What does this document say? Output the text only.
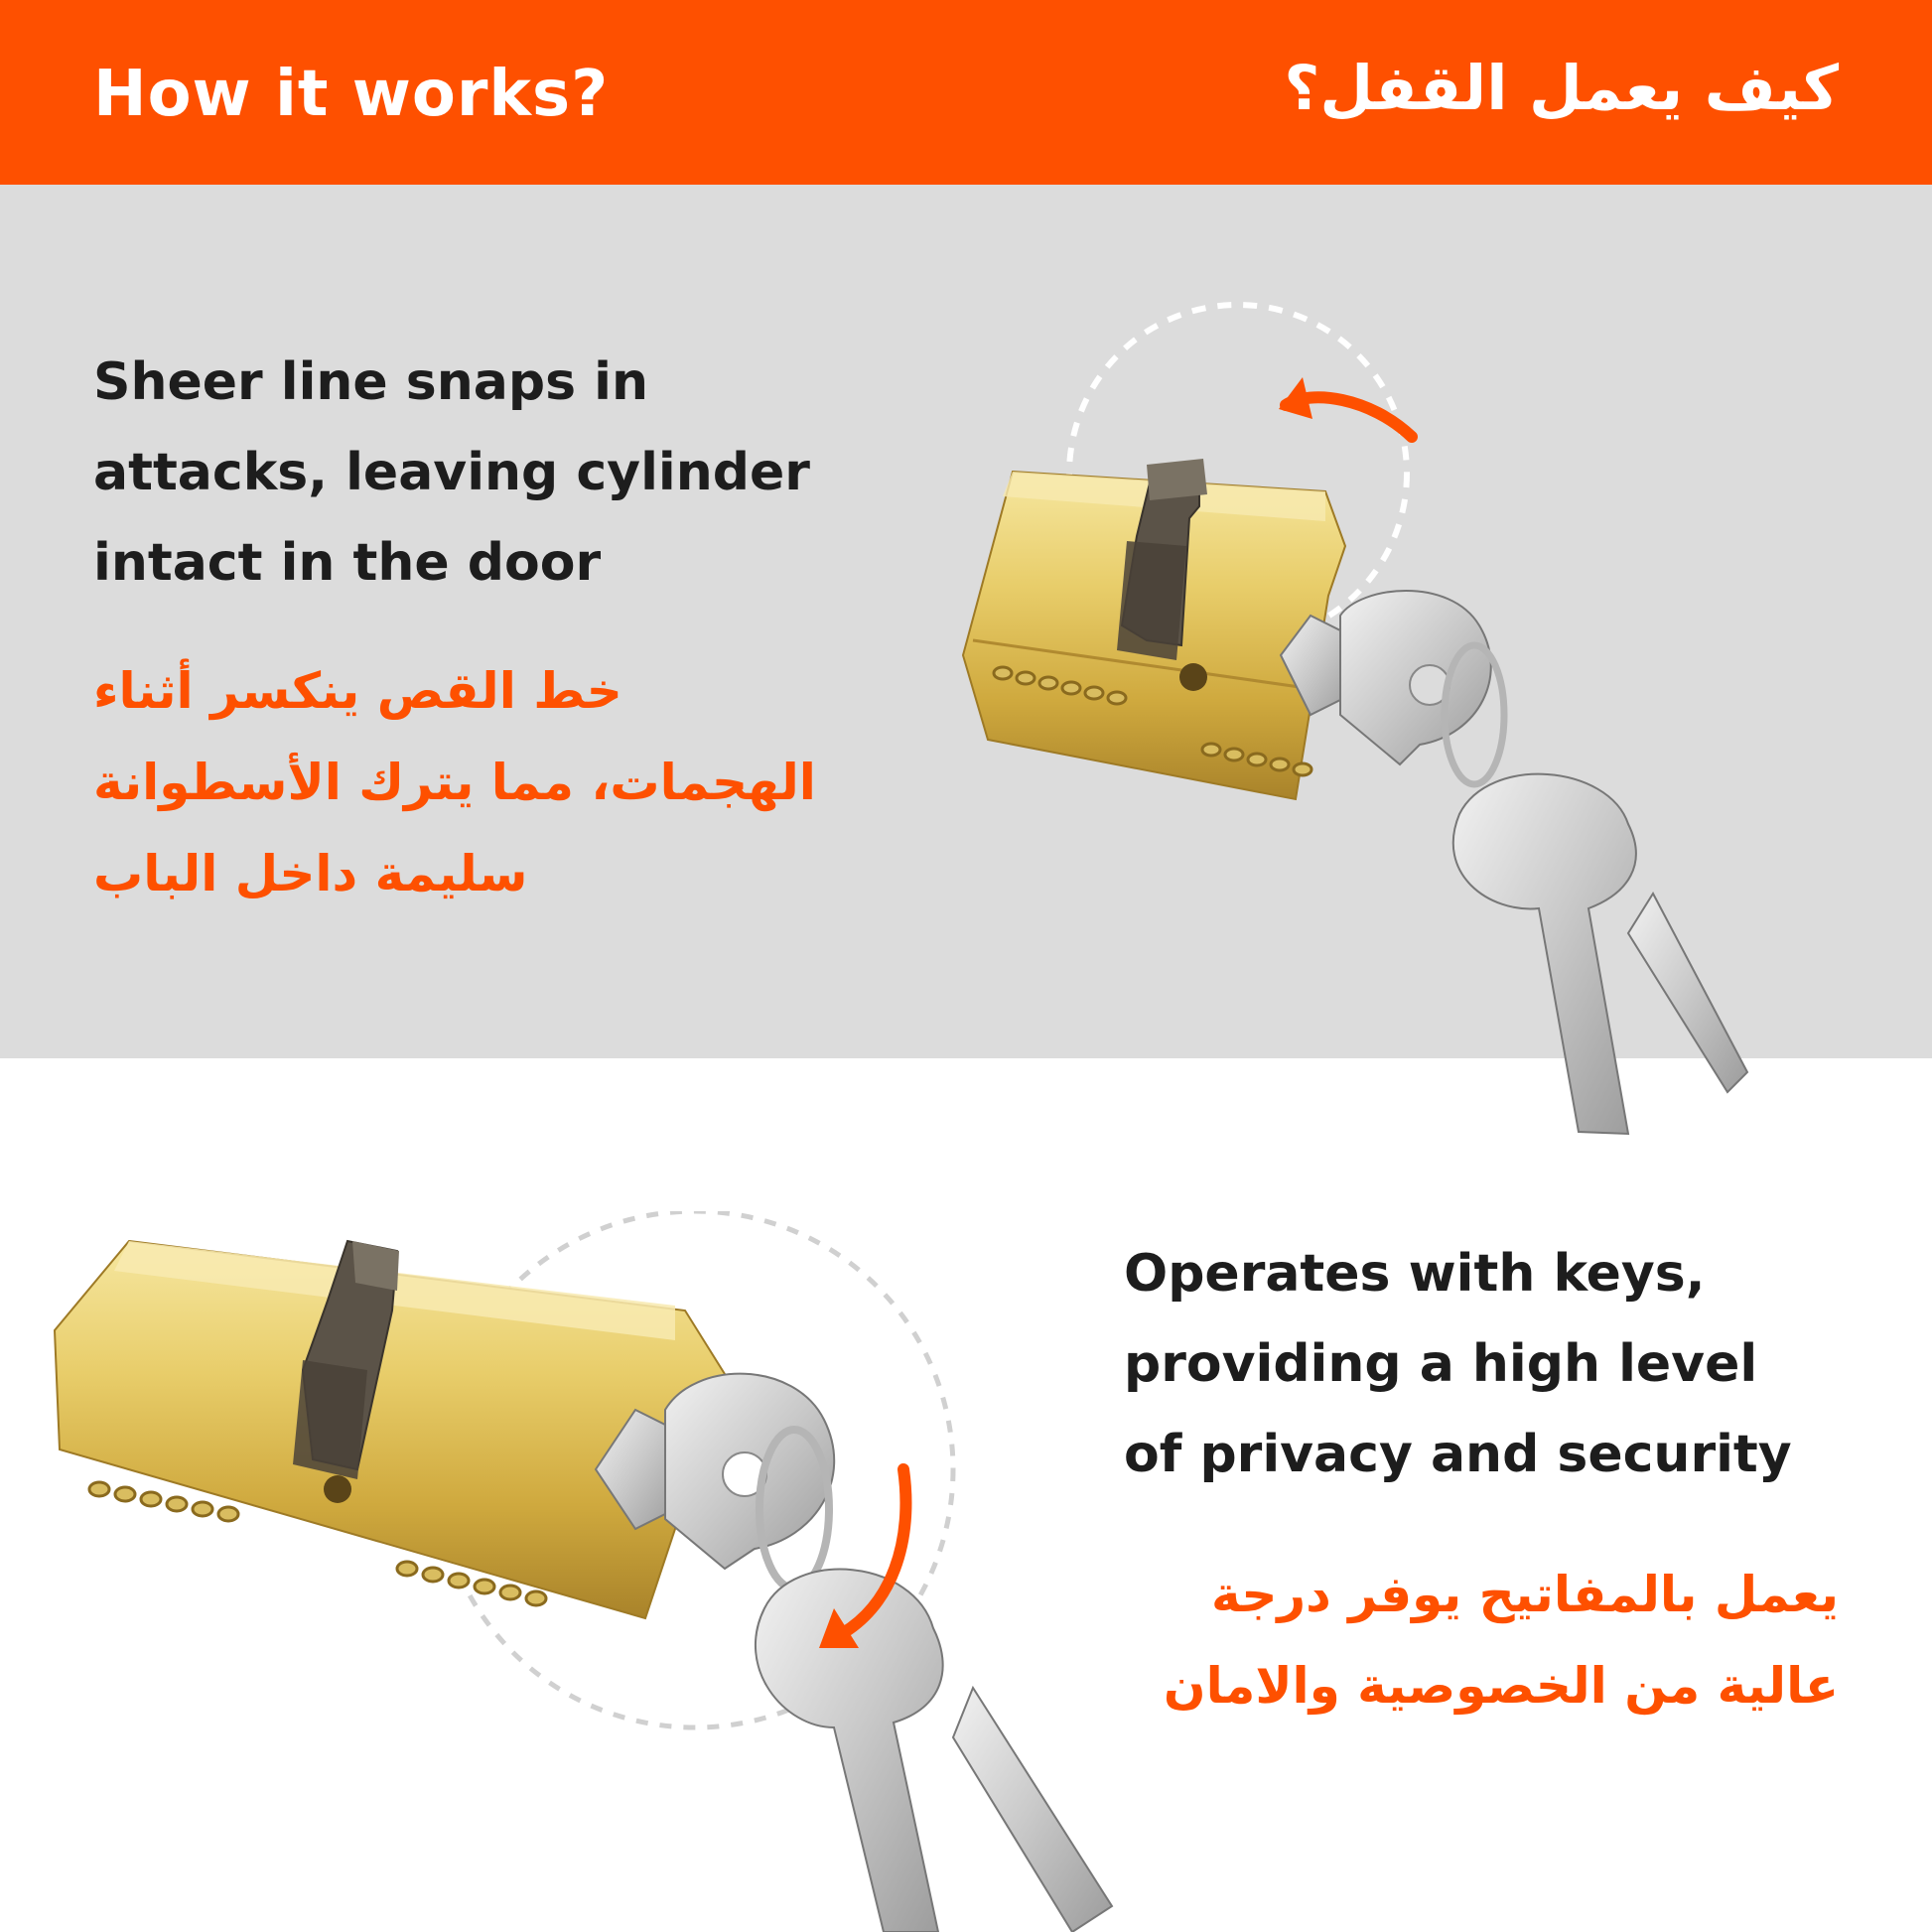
How it works?	كيف يعمل القفل؟
Sheer line snaps in
attacks, leaving cylinder
intact in the door
خط القص ينكسر أثناء
الهجمات، مما يترك الأسطوانة
سليمة داخل الباب
Operates with keys,
providing a high level
of privacy and security
يعمل بالمفاتيح يوفر درجة
عالية من الخصوصية والامان
